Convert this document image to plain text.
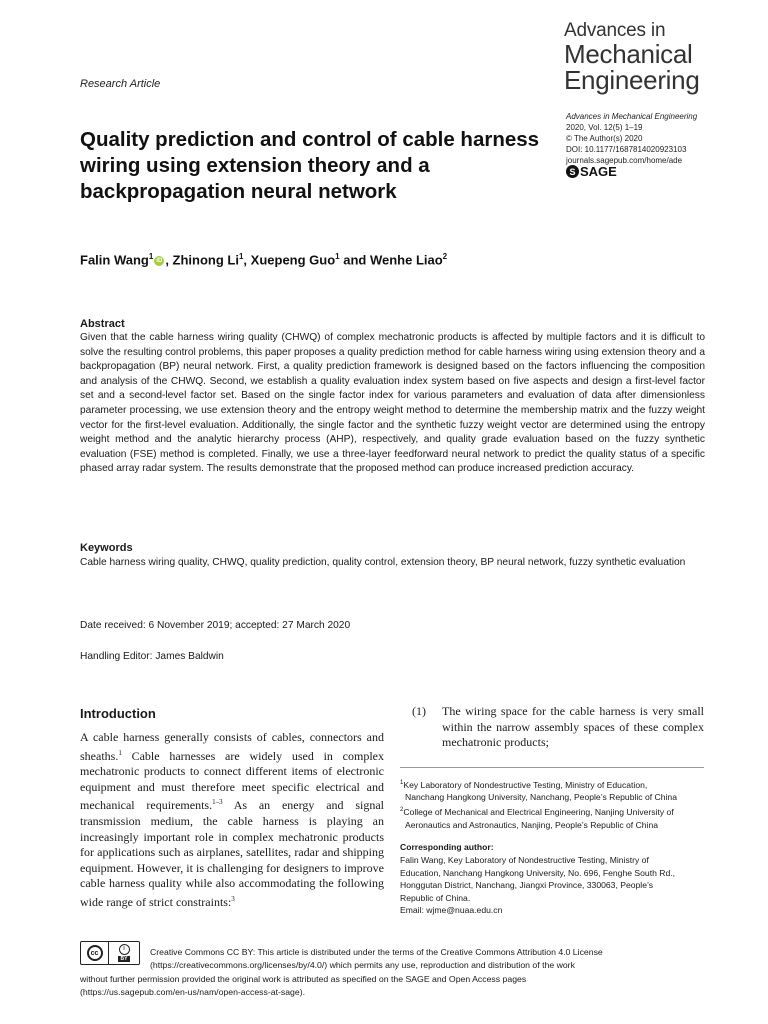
Advances in
Mechanical
Engineering
Research Article
Advances in Mechanical Engineering
2020, Vol. 12(5) 1–19
© The Author(s) 2020
DOI: 10.1177/1687814020923103
journals.sagepub.com/home/ade
S SAGE
Quality prediction and control of cable harness wiring using extension theory and a backpropagation neural network
Falin Wang$^1$ iD , Zhinong Li$^1$, Xuepeng Guo$^1$ and Wenhe Liao$^2$
Abstract
Given that the cable harness wiring quality (CHWQ) of complex mechatronic products is affected by multiple factors and it is difficult to solve the resulting control problems, this paper proposes a quality prediction method for cable harness wiring using extension theory and a backpropagation (BP) neural network. First, a quality prediction framework is designed based on the factors influencing the composition and analysis of the CHWQ. Second, we establish a quality evaluation index system based on five aspects and design a first-level factor set and a second-level factor set. Based on the single factor index for various parameters and evaluation of data after dimensionless parameter processing, we use extension theory and the entropy weight method to determine the membership matrix and the fuzzy weight vector for the first-level evaluation. Additionally, the single factor and the synthetic fuzzy weight vector are determined using the entropy weight method and the analytic hierarchy process (AHP), respectively, and quality grade evaluation based on the fuzzy synthetic evaluation (FSE) method is completed. Finally, we use a three-layer feedforward neural network to predict the quality status of a specific phased array radar system. The results demonstrate that the proposed method can produce increased prediction accuracy.
Keywords
Cable harness wiring quality, CHWQ, quality prediction, quality control, extension theory, BP neural network, fuzzy synthetic evaluation
Date received: 6 November 2019; accepted: 27 March 2020
Handling Editor: James Baldwin
Introduction
A cable harness generally consists of cables, connectors and sheaths.$^1$ Cable harnesses are widely used in complex mechatronic products to connect different items of electronic equipment and must therefore meet specific electrical and mechanical requirements.$^{1-3}$ As an energy and signal transmission medium, the cable harness is playing an increasingly important role in complex mechatronic products for applications such as airplanes, satellites, radar and shipping equipment. However, it is challenging for designers to improve cable harness quality while also accommodating the following wide range of strict constraints:$^3$
(1) The wiring space for the cable harness is very small within the narrow assembly spaces of these complex mechatronic products;
$^1$Key Laboratory of Nondestructive Testing, Ministry of Education,
Nanchang Hangkong University, Nanchang, People’s Republic of China
$^2$College of Mechanical and Electrical Engineering, Nanjing University of
Aeronautics and Astronautics, Nanjing, People’s Republic of China
Corresponding author:
Falin Wang, Key Laboratory of Nondestructive Testing, Ministry of
Education, Nanchang Hangkong University, No. 696, Fenghe South Rd.,
Honggutan District, Nanchang, Jiangxi Province, 330063, People’s
Republic of China.
Email: wjme@nuaa.edu.cn
cc
i
BY
Creative Commons CC BY: This article is distributed under the terms of the Creative Commons Attribution 4.0 License
(https://creativecommons.org/licenses/by/4.0/) which permits any use, reproduction and distribution of the work
without further permission provided the original work is attributed as specified on the SAGE and Open Access pages
(https://us.sagepub.com/en-us/nam/open-access-at-sage).
